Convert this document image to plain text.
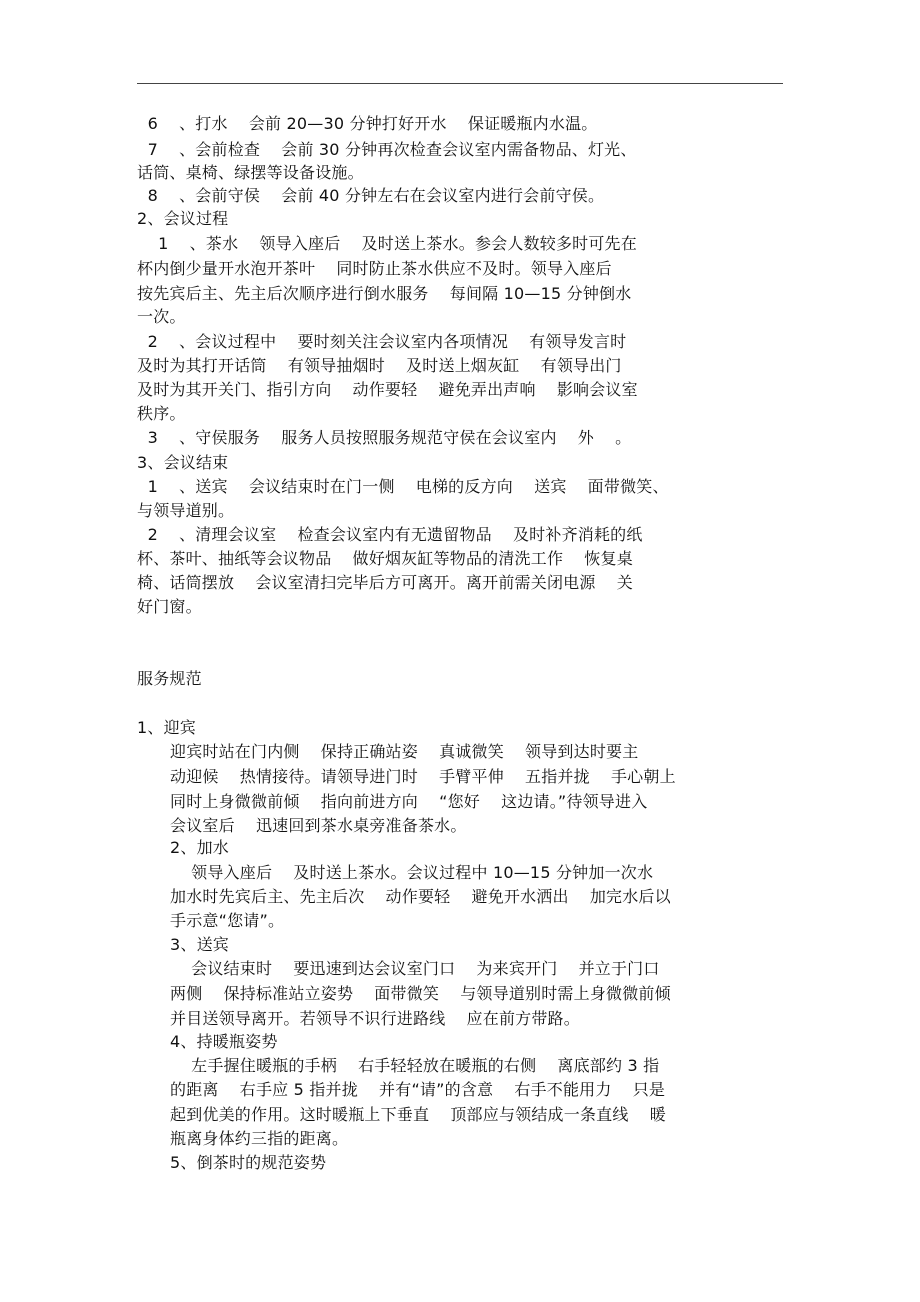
6    、打水    会前 20—30 分钟打好开水    保证暖瓶内水温。
7    、会前检查    会前 30 分钟再次检查会议室内需备物品、灯光、
话筒、桌椅、绿摆等设备设施。
8    、会前守侯    会前 40 分钟左右在会议室内进行会前守侯。
2、会议过程
1    、茶水    领导入座后    及时送上茶水。参会人数较多时可先在
杯内倒少量开水泡开茶叶    同时防止茶水供应不及时。领导入座后
按先宾后主、先主后次顺序进行倒水服务    每间隔 10—15 分钟倒水
一次。
2    、会议过程中    要时刻关注会议室内各项情况    有领导发言时
及时为其打开话筒    有领导抽烟时    及时送上烟灰缸    有领导出门
及时为其开关门、指引方向    动作要轻    避免弄出声响    影响会议室
秩序。
3    、守侯服务    服务人员按照服务规范守侯在会议室内    外    。
3、会议结束
1    、送宾    会议结束时在门一侧    电梯的反方向    送宾    面带微笑、
与领导道别。
2    、清理会议室    检查会议室内有无遗留物品    及时补齐消耗的纸
杯、茶叶、抽纸等会议物品    做好烟灰缸等物品的清洗工作    恢复桌
椅、话筒摆放    会议室清扫完毕后方可离开。离开前需关闭电源    关
好门窗。
服务规范
1、迎宾
迎宾时站在门内侧    保持正确站姿    真诚微笑    领导到达时要主
动迎候    热情接待。请领导进门时    手臂平伸    五指并拢    手心朝上
同时上身微微前倾    指向前进方向    “您好    这边请。”待领导进入
会议室后    迅速回到茶水桌旁准备茶水。
2、加水
领导入座后    及时送上茶水。会议过程中 10—15 分钟加一次水
加水时先宾后主、先主后次    动作要轻    避免开水洒出    加完水后以
手示意“您请”。
3、送宾
会议结束时    要迅速到达会议室门口    为来宾开门    并立于门口
两侧    保持标准站立姿势    面带微笑    与领导道别时需上身微微前倾
并目送领导离开。若领导不识行进路线    应在前方带路。
4、持暖瓶姿势
左手握住暖瓶的手柄    右手轻轻放在暖瓶的右侧    离底部约 3 指
的距离    右手应 5 指并拢    并有“请”的含意    右手不能用力    只是
起到优美的作用。这时暖瓶上下垂直    顶部应与领结成一条直线    暖
瓶离身体约三指的距离。
5、倒茶时的规范姿势
